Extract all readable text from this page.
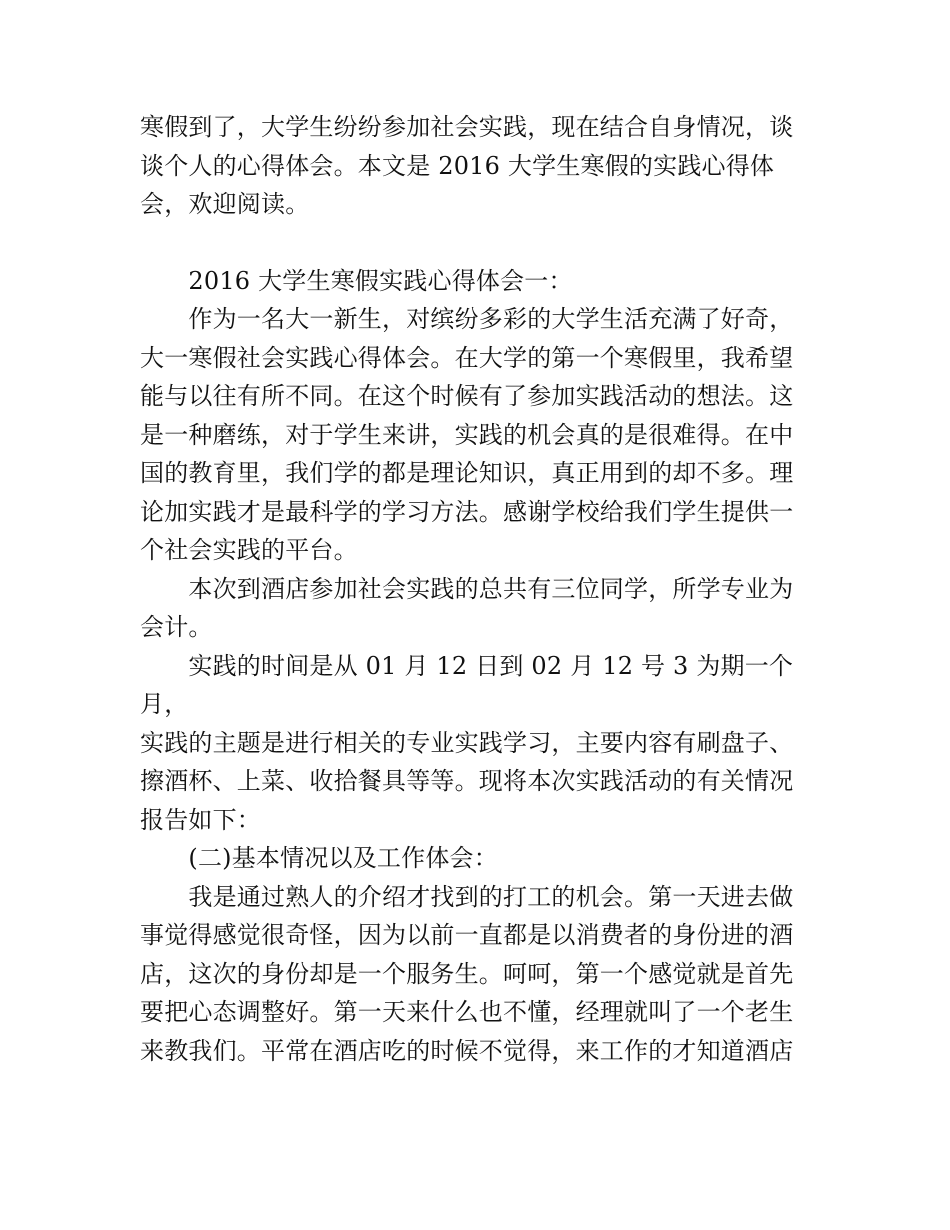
寒假到了，大学生纷纷参加社会实践，现在结合自身情况，谈

谈个人的心得体会。本文是 2016 大学生寒假的实践心得体

会，欢迎阅读。

　　2016 大学生寒假实践心得体会一：

　　作为一名大一新生，对缤纷多彩的大学生活充满了好奇，

大一寒假社会实践心得体会。在大学的第一个寒假里，我希望

能与以往有所不同。在这个时候有了参加实践活动的想法。这

是一种磨练，对于学生来讲，实践的机会真的是很难得。在中

国的教育里，我们学的都是理论知识，真正用到的却不多。理

论加实践才是最科学的学习方法。感谢学校给我们学生提供一

个社会实践的平台。

　　本次到酒店参加社会实践的总共有三位同学，所学专业为

会计。

　　实践的时间是从 01 月 12 日到 02 月 12 号 3 为期一个月，

实践的主题是进行相关的专业实践学习，主要内容有刷盘子、

擦酒杯、上菜、收拾餐具等等。现将本次实践活动的有关情况

报告如下：

　　(二)基本情况以及工作体会：

　　我是通过熟人的介绍才找到的打工的机会。第一天进去做

事觉得感觉很奇怪，因为以前一直都是以消费者的身份进的酒

店，这次的身份却是一个服务生。呵呵，第一个感觉就是首先

要把心态调整好。第一天来什么也不懂，经理就叫了一个老生

来教我们。平常在酒店吃的时候不觉得，来工作的才知道酒店
